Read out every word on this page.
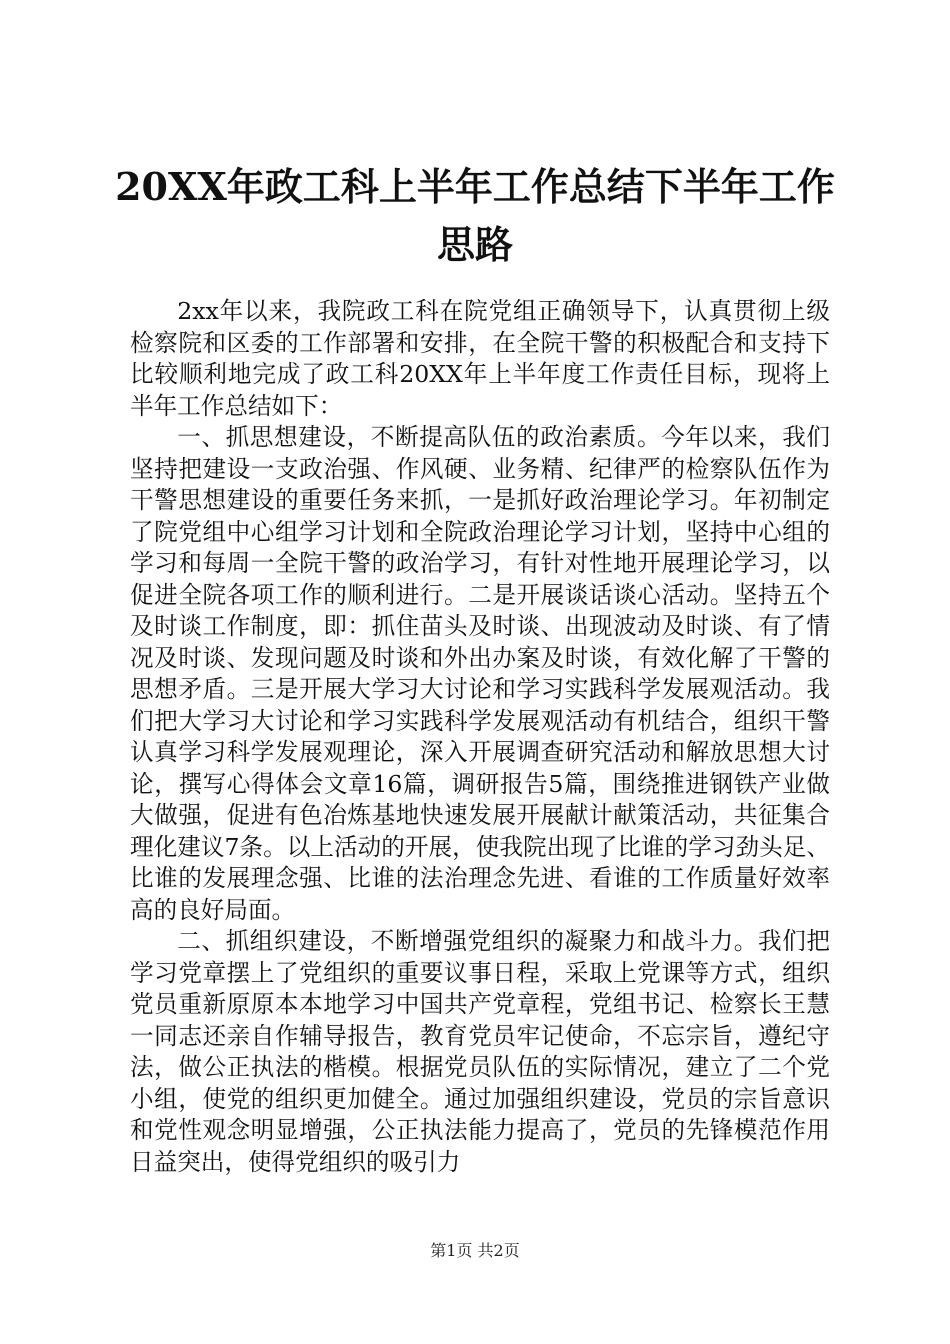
20XX年政工科上半年工作总结下半年工作思路

2xx年以来，我院政工科在院党组正确领导下，认真贯彻上级检察院和区委的工作部署和安排，在全院干警的积极配合和支持下比较顺利地完成了政工科20XX年上半年度工作责任目标，现将上半年工作总结如下：

一、抓思想建设，不断提高队伍的政治素质。今年以来，我们坚持把建设一支政治强、作风硬、业务精、纪律严的检察队伍作为干警思想建设的重要任务来抓，一是抓好政治理论学习。年初制定了院党组中心组学习计划和全院政治理论学习计划，坚持中心组的学习和每周一全院干警的政治学习，有针对性地开展理论学习，以促进全院各项工作的顺利进行。二是开展谈话谈心活动。坚持五个及时谈工作制度，即：抓住苗头及时谈、出现波动及时谈、有了情况及时谈、发现问题及时谈和外出办案及时谈，有效化解了干警的思想矛盾。三是开展大学习大讨论和学习实践科学发展观活动。我们把大学习大讨论和学习实践科学发展观活动有机结合，组织干警认真学习科学发展观理论，深入开展调查研究活动和解放思想大讨论，撰写心得体会文章16篇，调研报告5篇，围绕推进钢铁产业做大做强，促进有色冶炼基地快速发展开展献计献策活动，共征集合理化建议7条。以上活动的开展，使我院出现了比谁的学习劲头足、比谁的发展理念强、比谁的法治理念先进、看谁的工作质量好效率高的良好局面。

二、抓组织建设，不断增强党组织的凝聚力和战斗力。我们把学习党章摆上了党组织的重要议事日程，采取上党课等方式，组织党员重新原原本本地学习中国共产党章程，党组书记、检察长王慧一同志还亲自作辅导报告，教育党员牢记使命，不忘宗旨，遵纪守法，做公正执法的楷模。根据党员队伍的实际情况，建立了二个党小组，使党的组织更加健全。通过加强组织建设，党员的宗旨意识和党性观念明显增强，公正执法能力提高了，党员的先锋模范作用日益突出，使得党组织的吸引力

第1页 共2页
